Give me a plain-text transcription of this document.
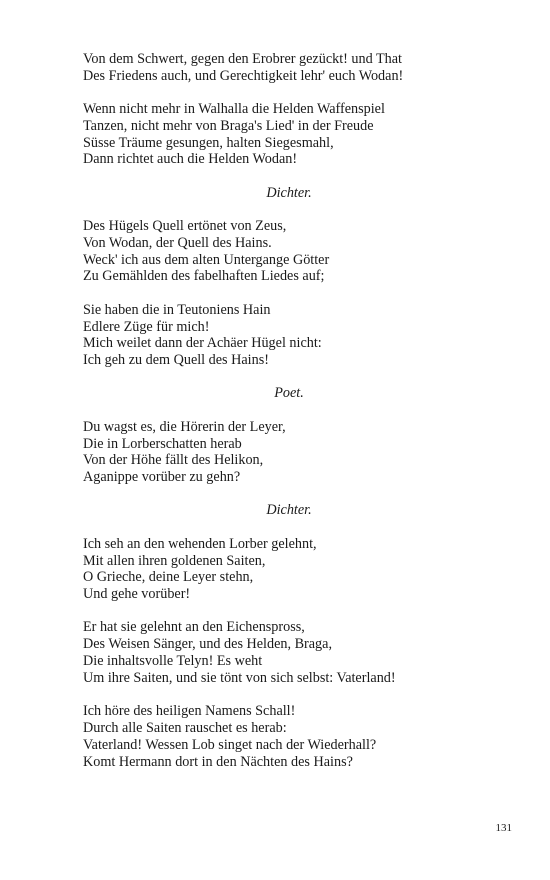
Von dem Schwert, gegen den Erobrer gezückt! und That
Des Friedens auch, und Gerechtigkeit lehr' euch Wodan!
Wenn nicht mehr in Walhalla die Helden Waffenspiel
Tanzen, nicht mehr von Braga's Lied' in der Freude
Süsse Träume gesungen, halten Siegesmahl,
Dann richtet auch die Helden Wodan!
Dichter.
Des Hügels Quell ertönet von Zeus,
Von Wodan, der Quell des Hains.
Weck' ich aus dem alten Untergange Götter
Zu Gemählden des fabelhaften Liedes auf;
Sie haben die in Teutoniens Hain
Edlere Züge für mich!
Mich weilet dann der Achäer Hügel nicht:
Ich geh zu dem Quell des Hains!
Poet.
Du wagst es, die Hörerin der Leyer,
Die in Lorberschatten herab
Von der Höhe fällt des Helikon,
Aganippe vorüber zu gehn?
Dichter.
Ich seh an den wehenden Lorber gelehnt,
Mit allen ihren goldenen Saiten,
O Grieche, deine Leyer stehn,
Und gehe vorüber!
Er hat sie gelehnt an den Eichenspross,
Des Weisen Sänger, und des Helden, Braga,
Die inhaltsvolle Telyn! Es weht
Um ihre Saiten, und sie tönt von sich selbst: Vaterland!
Ich höre des heiligen Namens Schall!
Durch alle Saiten rauschet es herab:
Vaterland! Wessen Lob singet nach der Wiederhall?
Komt Hermann dort in den Nächten des Hains?
131
